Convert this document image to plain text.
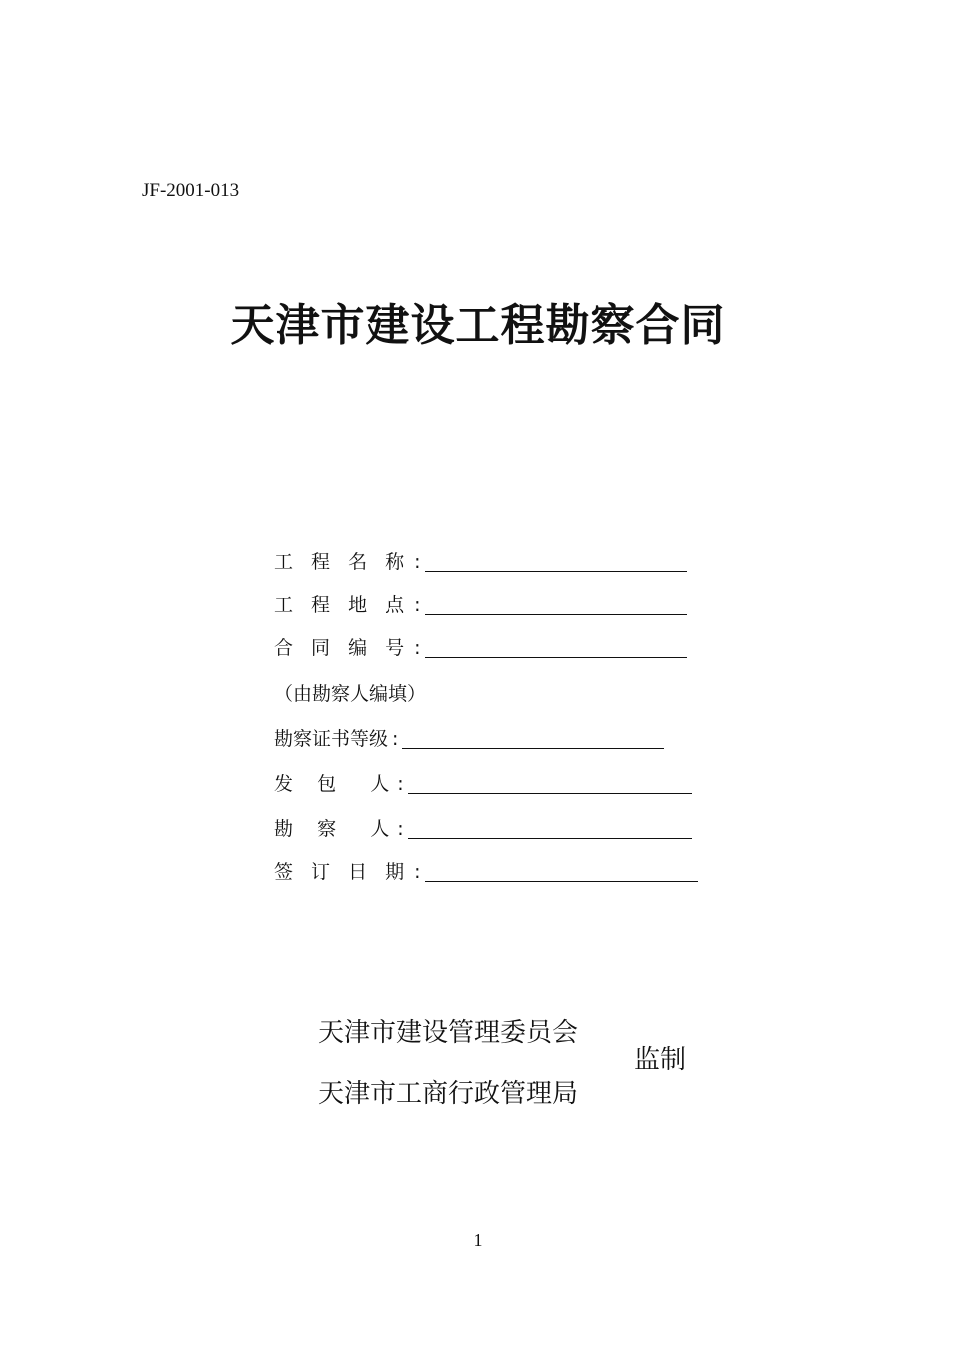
JF-2001-013
天津市建设工程勘察合同
工 程 名 称 :
工 程 地 点 :
合 同 编 号 :
（由勘察人编填）
勘察证书等级 :
发  包   人 :
勘  察   人 :
签 订 日 期 :
天津市建设管理委员会
天津市工商行政管理局
监制
1
